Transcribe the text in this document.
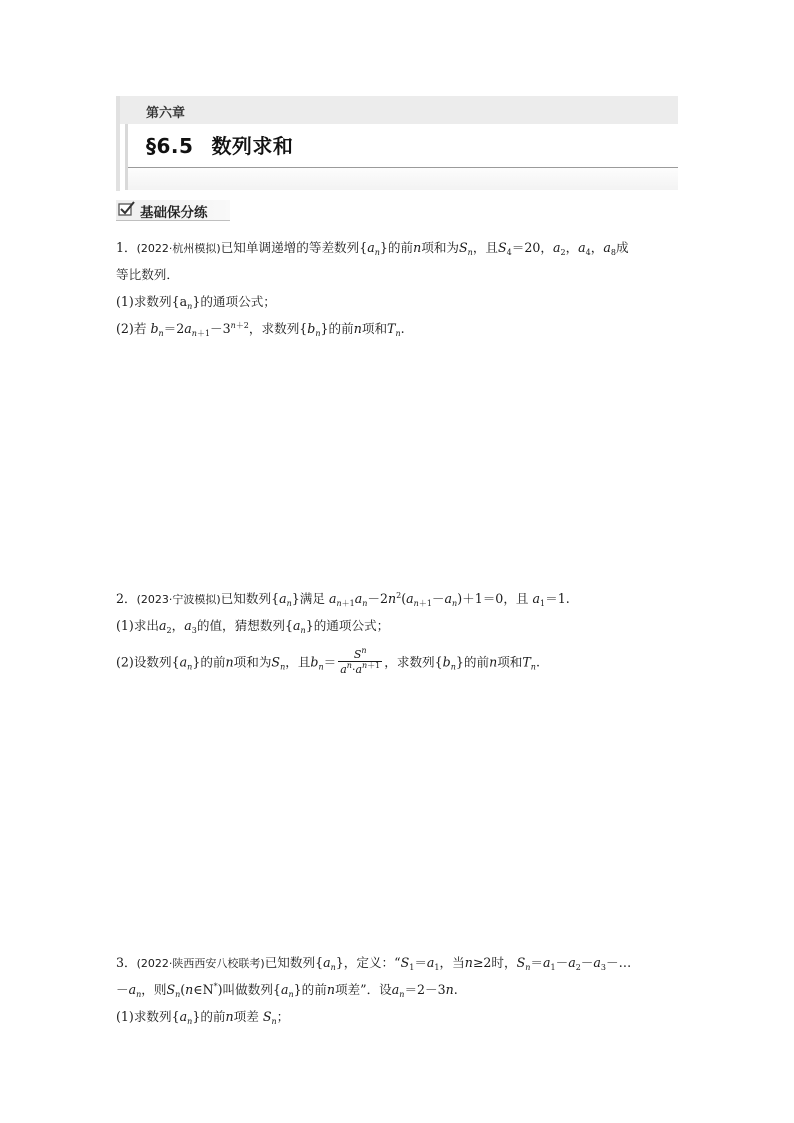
第六章
§6.5 数列求和
基础保分练
1．(2022·杭州模拟)已知单调递增的等差数列$\{a_n\}$的前n项和为$S_n$，且$S_4=20$，$a_2$，$a_4$，$a_8$成
等比数列．
(1)求数列$\{a_n\}$的通项公式；
(2)若 $b_n=2a_{n+1}-3^{n+2}$，求数列$\{b_n\}$的前n项和$T_n$.
2．(2023·宁波模拟)已知数列$\{a_n\}$满足 $a_{n+1}a_n-2n^2(a_{n+1}-a_n)+1=0$，且 $a_1=1$.
(1)求出$a_2$，$a_3$的值，猜想数列$\{a_n\}$的通项公式；
(2)设数列$\{a_n\}$的前n项和为$S_n$，且$b_n= \frac{S^n}{a^n\cdot a^{n+1}}$ ，求数列$\{b_n\}$的前n项和$T_n$.
3．(2022·陕西西安八校联考)已知数列$\{a_n\}$，定义：“$S_1=a_1$，当n≥2时，$S_n=a_1-a_2-a_3-\dots$
$-a_n$，则$S_n(n\in N^*)$叫做数列$\{a_n\}$的前n项差”．设$a_n=2-3n$.
(1)求数列$\{a_n\}$的前n项差 $S_n$；
